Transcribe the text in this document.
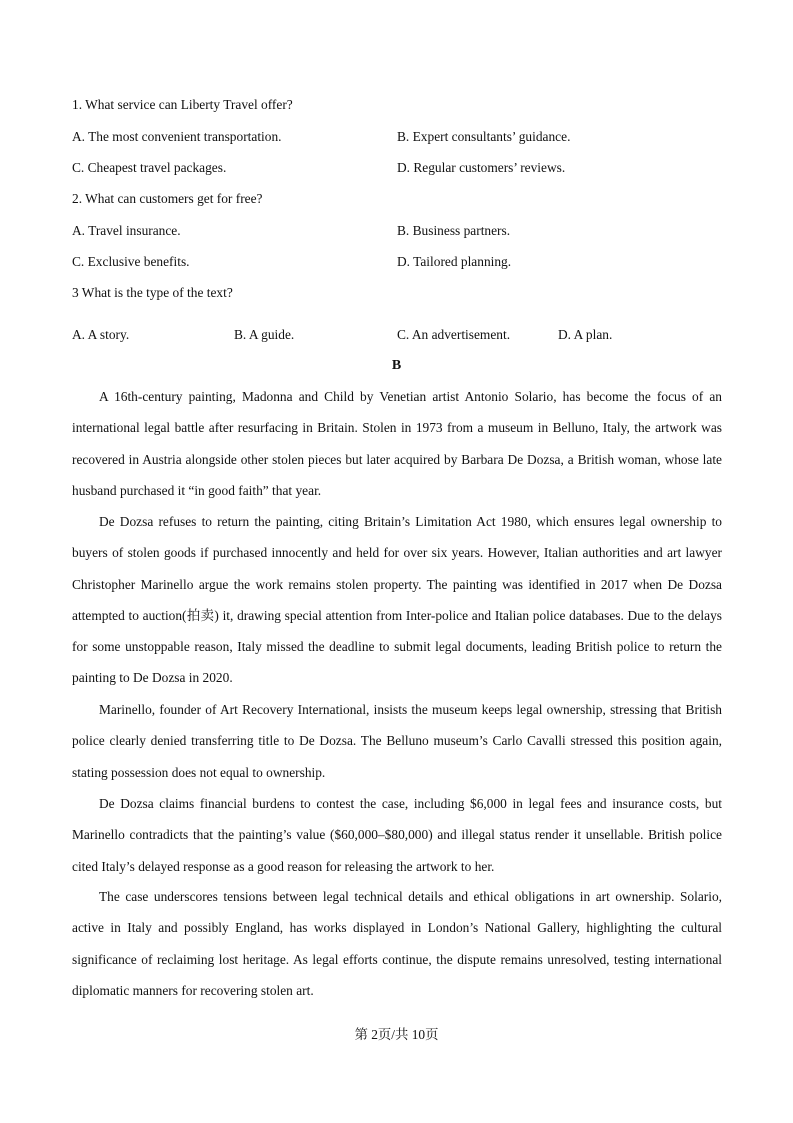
1. What service can Liberty Travel offer?
A. The most convenient transportation.	B. Expert consultants’ guidance.
C. Cheapest travel packages.	D. Regular customers’ reviews.
2. What can customers get for free?
A. Travel insurance.	B. Business partners.
C. Exclusive benefits.	D. Tailored planning.
3 What is the type of the text?
A. A story.	B. A guide.	C. An advertisement.	D. A plan.
B

A 16th-century painting, Madonna and Child by Venetian artist Antonio Solario, has become the focus of an international legal battle after resurfacing in Britain. Stolen in 1973 from a museum in Belluno, Italy, the artwork was recovered in Austria alongside other stolen pieces but later acquired by Barbara De Dozsa, a British woman, whose late husband purchased it “in good faith” that year.

De Dozsa refuses to return the painting, citing Britain’s Limitation Act 1980, which ensures legal ownership to buyers of stolen goods if purchased innocently and held for over six years. However, Italian authorities and art lawyer Christopher Marinello argue the work remains stolen property. The painting was identified in 2017 when De Dozsa attempted to auction(拍卖) it, drawing special attention from Inter-police and Italian police databases. Due to the delays for some unstoppable reason, Italy missed the deadline to submit legal documents, leading British police to return the painting to De Dozsa in 2020.

Marinello, founder of Art Recovery International, insists the museum keeps legal ownership, stressing that British police clearly denied transferring title to De Dozsa. The Belluno museum’s Carlo Cavalli stressed this position again, stating possession does not equal to ownership.

De Dozsa claims financial burdens to contest the case, including $6,000 in legal fees and insurance costs, but Marinello contradicts that the painting’s value ($60,000–$80,000) and illegal status render it unsellable. British police cited Italy’s delayed response as a good reason for releasing the artwork to her.

The case underscores tensions between legal technical details and ethical obligations in art ownership. Solario, active in Italy and possibly England, has works displayed in London’s National Gallery, highlighting the cultural significance of reclaiming lost heritage. As legal efforts continue, the dispute remains unresolved, testing international diplomatic manners for recovering stolen art.

第 2页/共 10页
